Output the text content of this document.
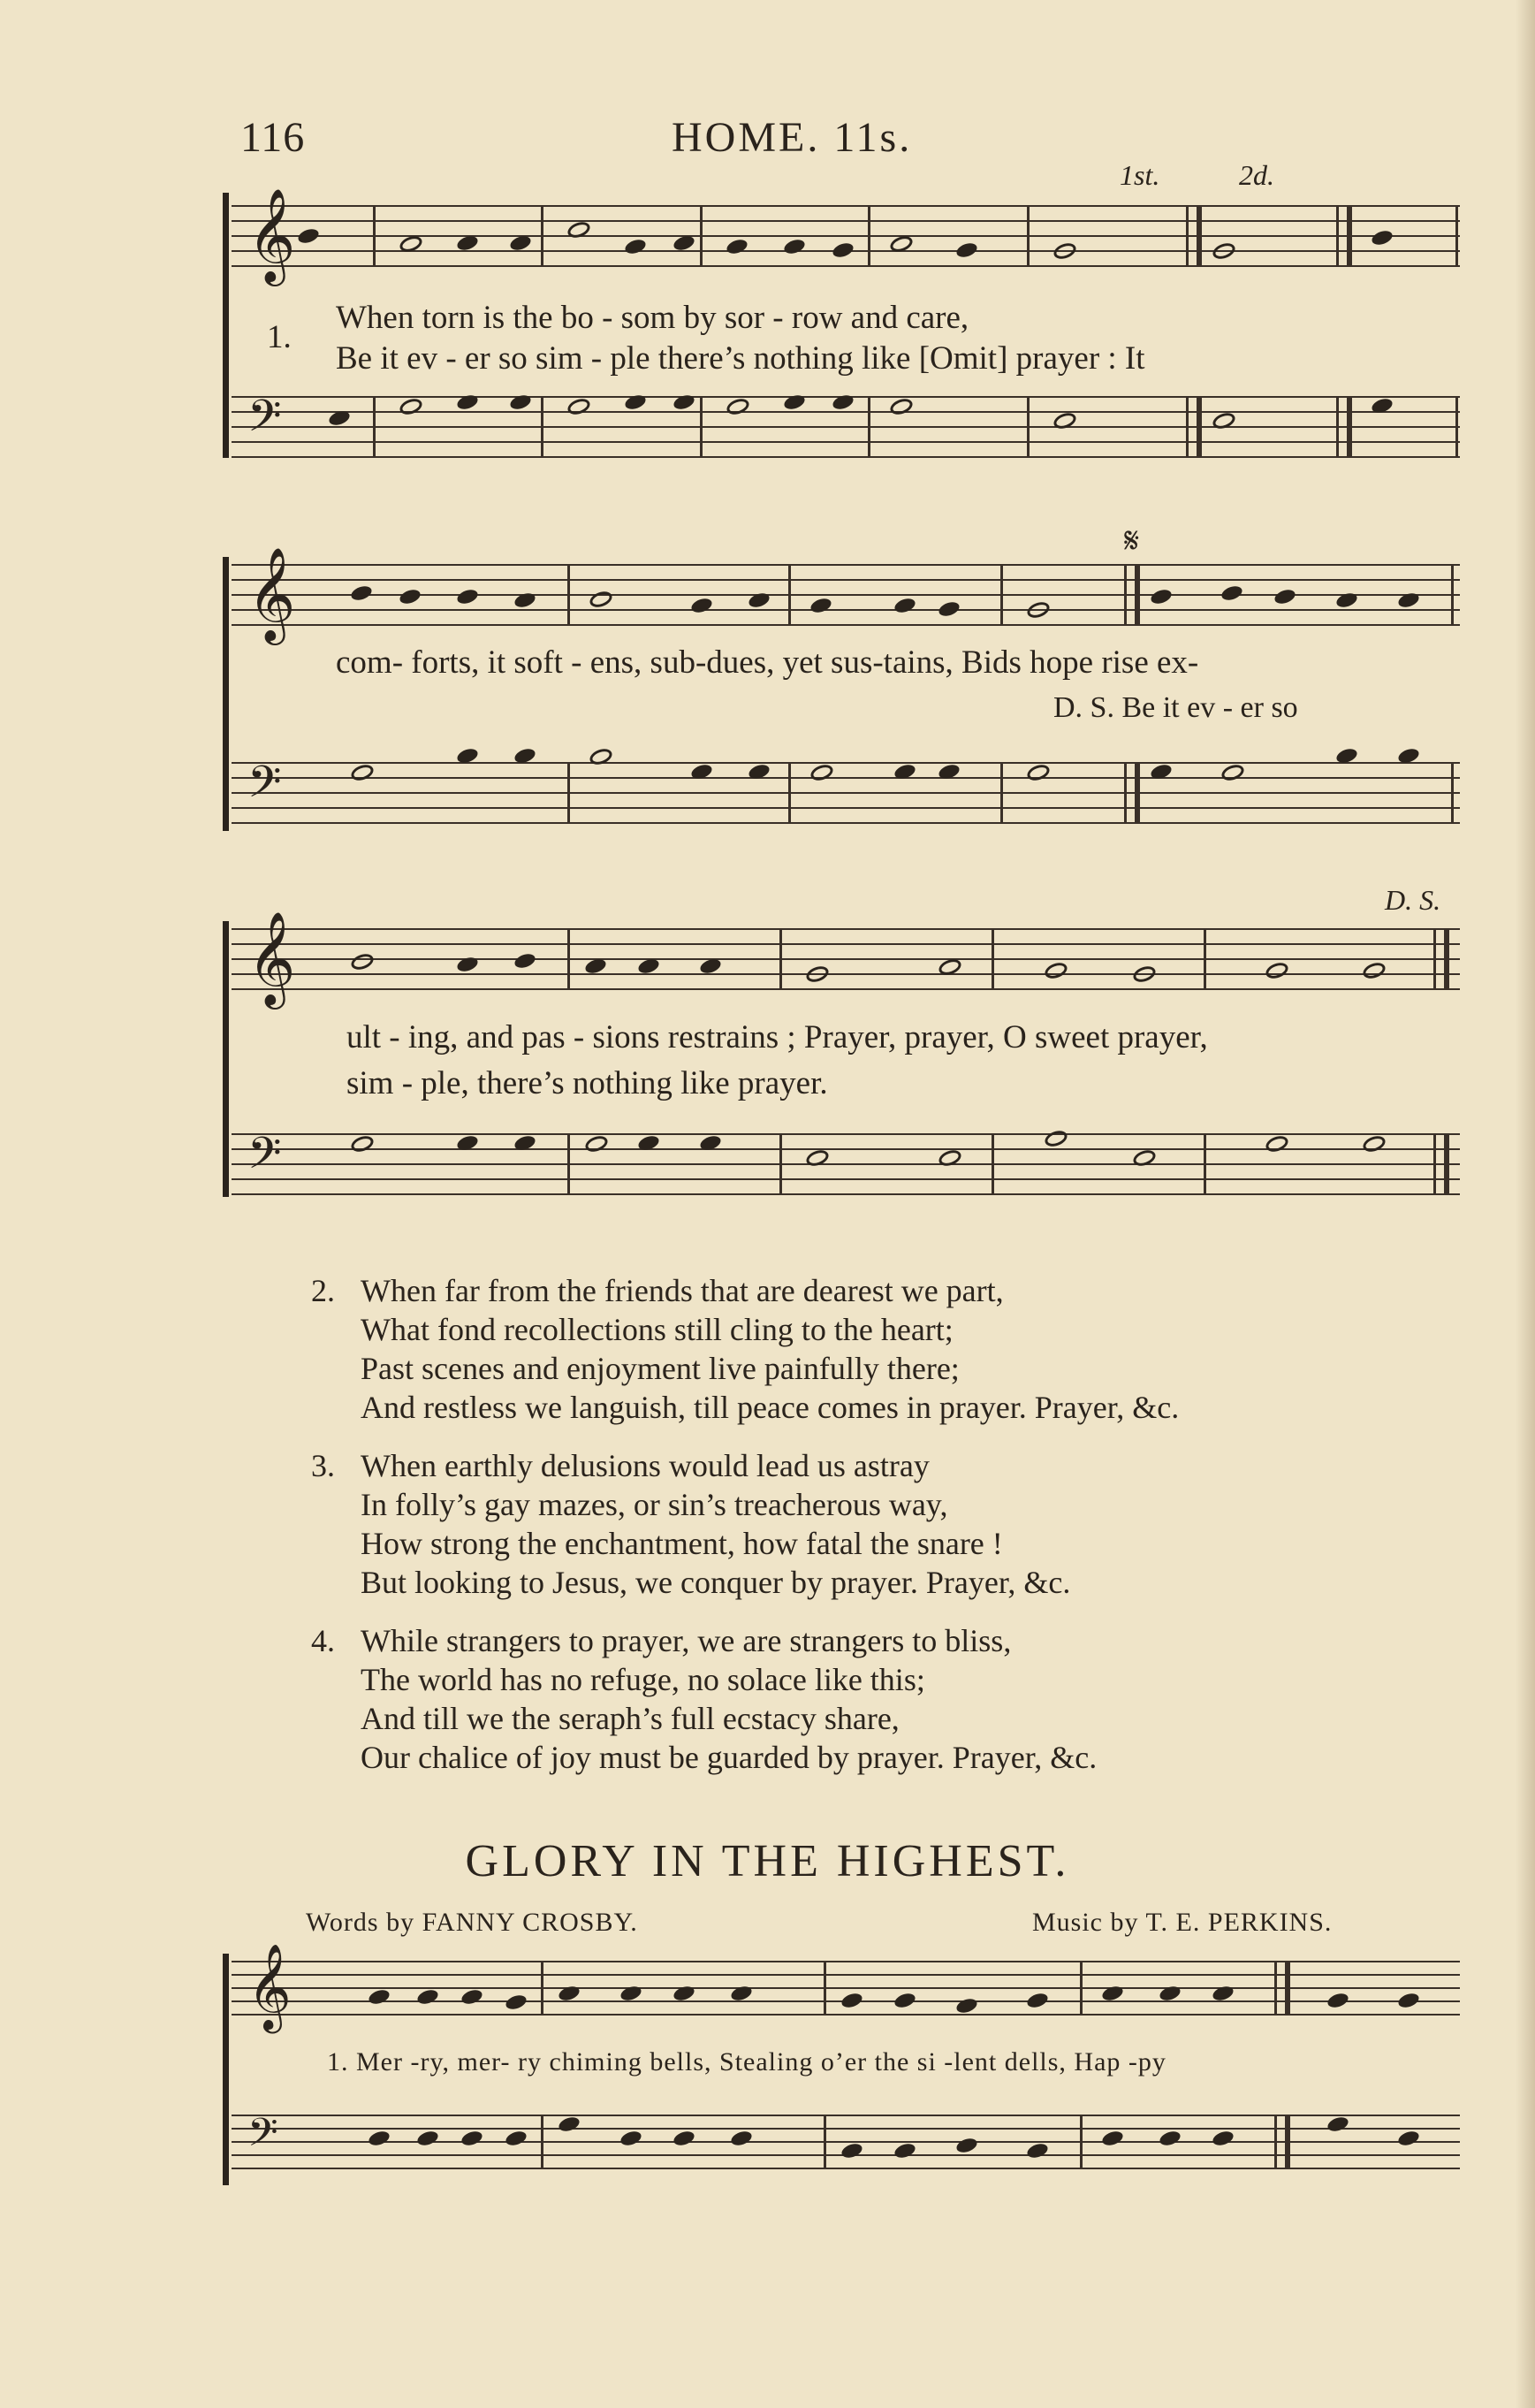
116	HOME. 11s.
1st.	2d.
𝄞
1.
When torn is the bo - som by sor - row and care,
Be it ev - er so sim - ple there’s nothing like [Omit] prayer : It
𝄢
𝄋
𝄞
com- forts, it soft - ens, sub-dues, yet sus-tains, Bids hope rise ex-
D. S. Be it ev - er so
𝄢
D. S.
𝄞
ult - ing, and pas - sions restrains ; Prayer, prayer, O sweet prayer,
sim - ple, there’s nothing like prayer.
𝄢
2. When far from the friends that are dearest we part,
What fond recollections still cling to the heart;
Past scenes and enjoyment live painfully there;
And restless we languish, till peace comes in prayer. Prayer, &c.
3. When earthly delusions would lead us astray
In folly’s gay mazes, or sin’s treacherous way,
How strong the enchantment, how fatal the snare !
But looking to Jesus, we conquer by prayer. Prayer, &c.
4. While strangers to prayer, we are strangers to bliss,
The world has no refuge, no solace like this;
And till we the seraph’s full ecstacy share,
Our chalice of joy must be guarded by prayer. Prayer, &c.
GLORY IN THE HIGHEST.
Words by FANNY CROSBY.	Music by T. E. PERKINS.
𝄞
1. Mer -ry, mer- ry chiming bells, Stealing o’er the si -lent dells, Hap -py
𝄢
